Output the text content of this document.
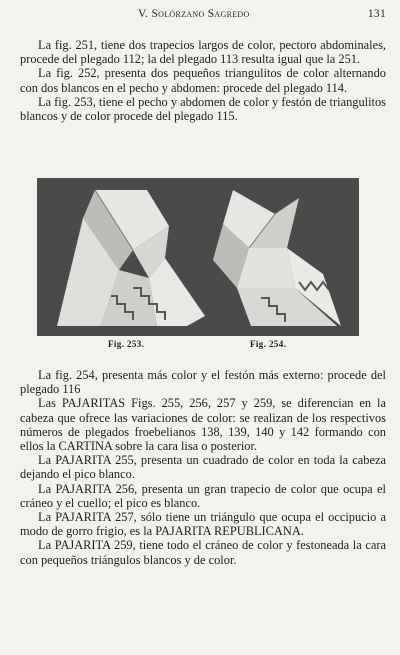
V. Solórzano Sagredo	131

La fig. 251, tiene dos trapecios largos de color, pectoro abdominales, procede del plegado 112; la del plegado 113 resulta igual que la 251.

La fig. 252, presenta dos pequeños triangulitos de color alternando con dos blancos en el pecho y abdomen: procede del plegado 114.

La fig. 253, tiene el pecho y abdomen de color y festón de triangulitos blancos y de color procede del plegado 115.

Fig. 253.	Fig. 254.

La fig. 254, presenta más color y el festón más externo: procede del plegado 116

Las PAJARITAS Figs. 255, 256, 257 y 259, se diferencian en la cabeza que ofrece las variaciones de color: se realizan de los respectivos números de plegados froebelianos 138, 139, 140 y 142 formando con ellos la CARTINA sobre la cara lisa o posterior.

La PAJARITA 255, presenta un cuadrado de color en toda la cabeza dejando el pico blanco.

La PAJARITA 256, presenta un gran trapecio de color que ocupa el cráneo y el cuello; el pico es blanco.

La PAJARITA 257, sólo tiene un triángulo que ocupa el occipucio a modo de gorro frigio, es la PAJARITA REPUBLICANA.

La PAJARITA 259, tiene todo el cráneo de color y festoneada la cara con pequeños triángulos blancos y de color.
